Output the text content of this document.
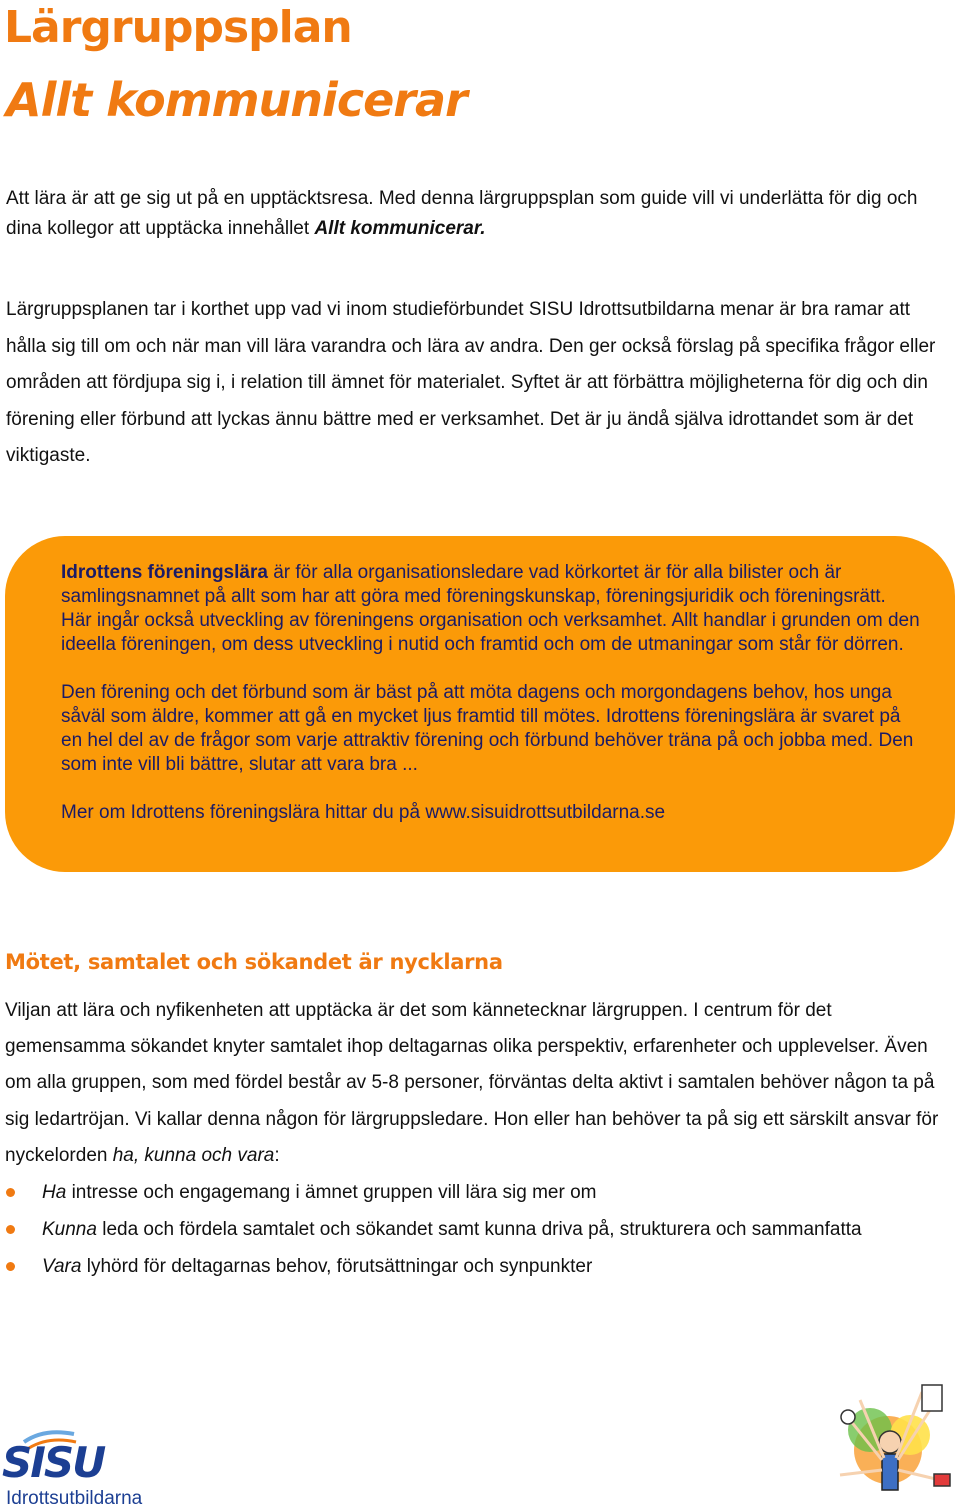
Lärgruppsplan
Allt kommunicerar

Att lära är att ge sig ut på en upptäcktsresa. Med denna lärgruppsplan som guide vill vi underlätta för dig och dina kollegor att upptäcka innehållet Allt kommunicerar.

Lärgruppsplanen tar i korthet upp vad vi inom studieförbundet SISU Idrottsutbildarna menar är bra ramar att hålla sig till om och när man vill lära varandra och lära av andra. Den ger också förslag på specifika frågor eller områden att fördjupa sig i, i relation till ämnet för materialet. Syftet är att förbättra möjligheterna för dig och din förening eller förbund att lyckas ännu bättre med er verksamhet. Det är ju ändå själva idrottandet som är det viktigaste.

Idrottens föreningslära är för alla organisationsledare vad körkortet är för alla bilister och är samlingsnamnet på allt som har att göra med föreningskunskap, föreningsjuridik och föreningsrätt. Här ingår också utveckling av föreningens organisation och verksamhet. Allt handlar i grunden om den ideella föreningen, om dess utveckling i nutid och framtid och om de utmaningar som står för dörren.

Den förening och det förbund som är bäst på att möta dagens och morgondagens behov, hos unga såväl som äldre, kommer att gå en mycket ljus framtid till mötes. Idrottens föreningslära är svaret på en hel del av de frågor som varje attraktiv förening och förbund behöver träna på och jobba med. Den som inte vill bli bättre, slutar att vara bra ...

Mer om Idrottens föreningslära hittar du på www.sisuidrottsutbildarna.se

Mötet, samtalet och sökandet är nycklarna

Viljan att lära och nyfikenheten att upptäcka är det som kännetecknar lärgruppen. I centrum för det gemensamma sökandet knyter samtalet ihop deltagarnas olika perspektiv, erfarenheter och upplevelser. Även om alla gruppen, som med fördel består av 5-8 personer, förväntas delta aktivt i samtalen behöver någon ta på sig ledartröjan. Vi kallar denna någon för lärgruppsledare. Hon eller han behöver ta på sig ett särskilt ansvar för nyckelorden ha, kunna och vara:

Ha intresse och engagemang i ämnet gruppen vill lära sig mer om
Kunna leda och fördela samtalet och sökandet samt kunna driva på, strukturera och sammanfatta
Vara lyhörd för deltagarnas behov, förutsättningar och synpunkter
SISU
Idrottsutbildarna
